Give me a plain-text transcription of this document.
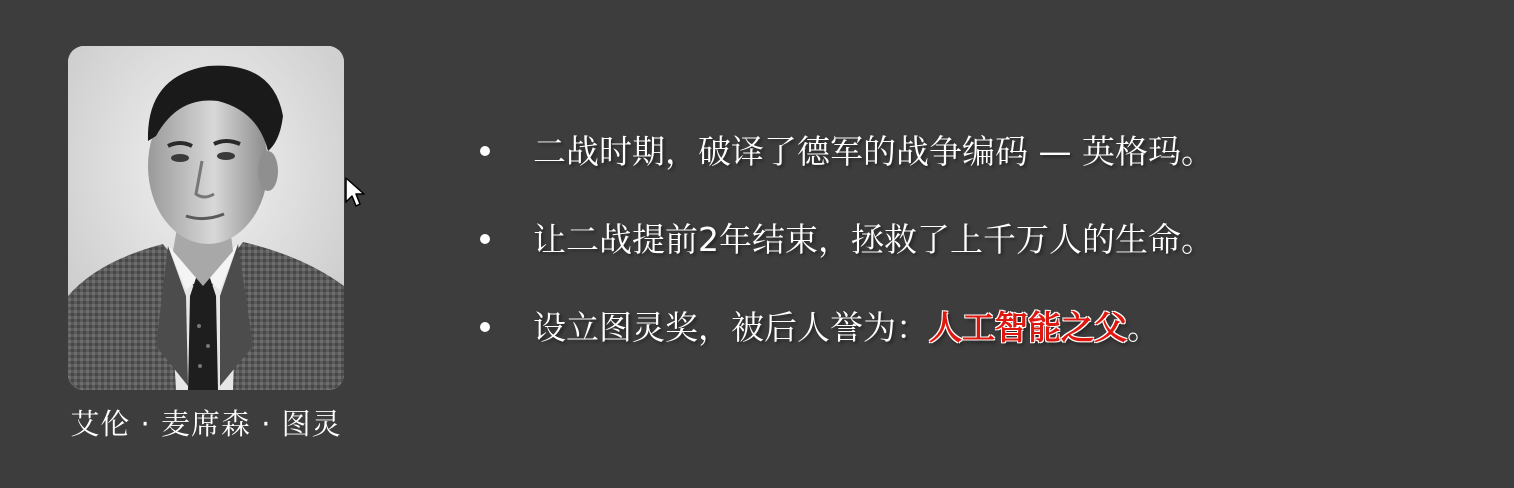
艾伦 · 麦席森 · 图灵
二战时期，破译了德军的战争编码 — 英格玛。
让二战提前2年结束，拯救了上千万人的生命。
设立图灵奖，被后人誉为：人工智能之父。
